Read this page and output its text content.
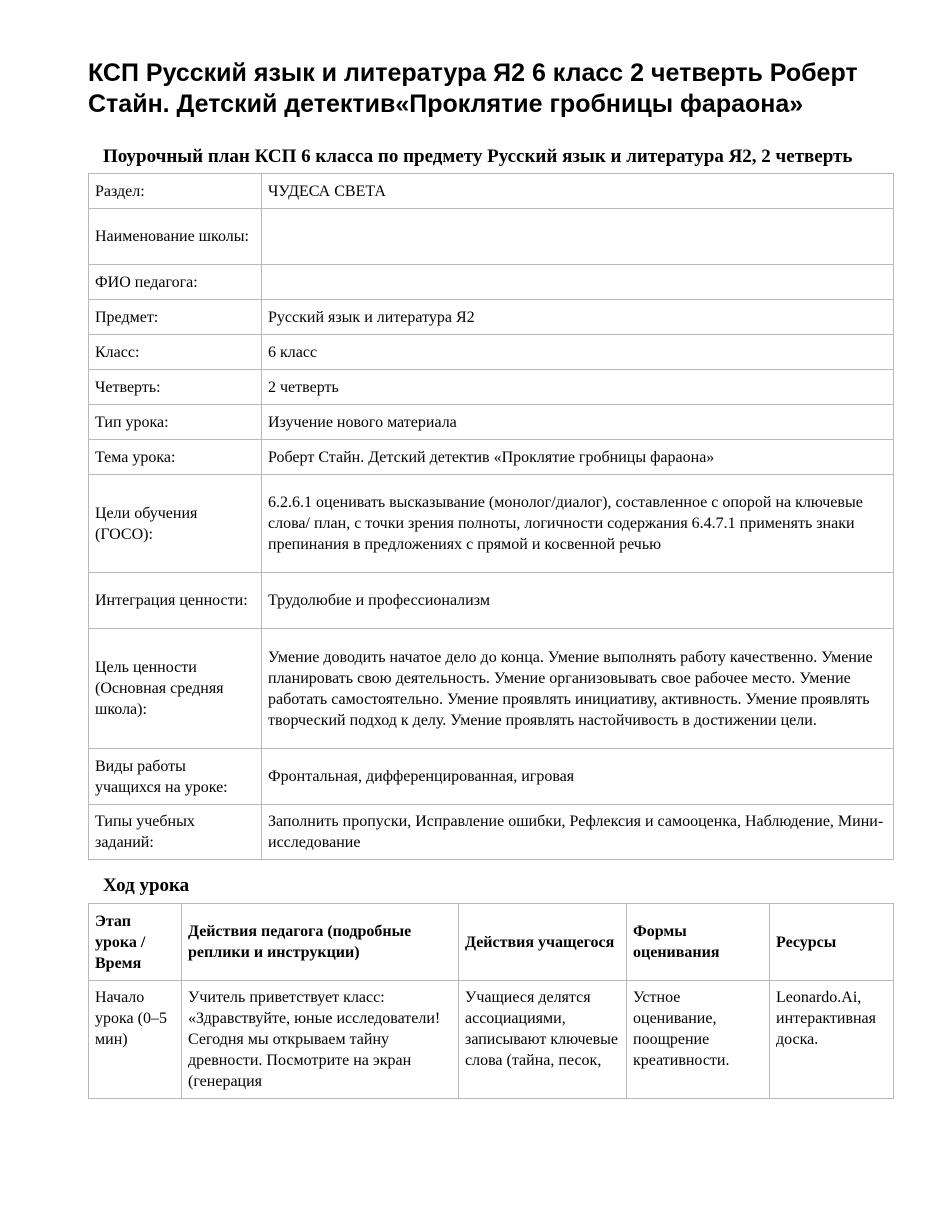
КСП Русский язык и литература Я2 6 класс 2 четверть Роберт Стайн. Детский детектив«Проклятие гробницы фараона»
Поурочный план КСП 6 класса по предмету Русский язык и литература Я2, 2 четверть
Раздел:	ЧУДЕСА СВЕТА
Наименование школы:	
ФИО педагога:	
Предмет:	Русский язык и литература Я2
Класс:	6 класс
Четверть:	2 четверть
Тип урока:	Изучение нового материала
Тема урока:	Роберт Стайн. Детский детектив «Проклятие гробницы фараона»
Цели обучения (ГОСО):	6.2.6.1 оценивать высказывание (монолог/диалог), составленное с опорой на ключевые слова/ план, с точки зрения полноты, логичности содержания 6.4.7.1 применять знаки препинания в предложениях с прямой и косвенной речью
Интеграция ценности:	Трудолюбие и профессионализм
Цель ценности (Основная средняя школа):	Умение доводить начатое дело до конца. Умение выполнять работу качественно. Умение планировать свою деятельность. Умение организовывать свое рабочее место. Умение работать самостоятельно. Умение проявлять инициативу, активность. Умение проявлять творческий подход к делу. Умение проявлять настойчивость в достижении цели.
Виды работы учащихся на уроке:	Фронтальная, дифференцированная, игровая
Типы учебных заданий:	Заполнить пропуски, Исправление ошибки, Рефлексия и самооценка, Наблюдение, Мини-исследование
Ход урока
Этап урока / Время	Действия педагога (подробные реплики и инструкции)	Действия учащегося	Формы оценивания	Ресурсы
Начало урока (0–5 мин)	Учитель приветствует класс: «Здравствуйте, юные исследователи! Сегодня мы открываем тайну древности. Посмотрите на экран (генерация	Учащиеся делятся ассоциациями, записывают ключевые слова (тайна, песок,	Устное оценивание, поощрение креативности.	Leonardo.Ai, интерактивная доска.
